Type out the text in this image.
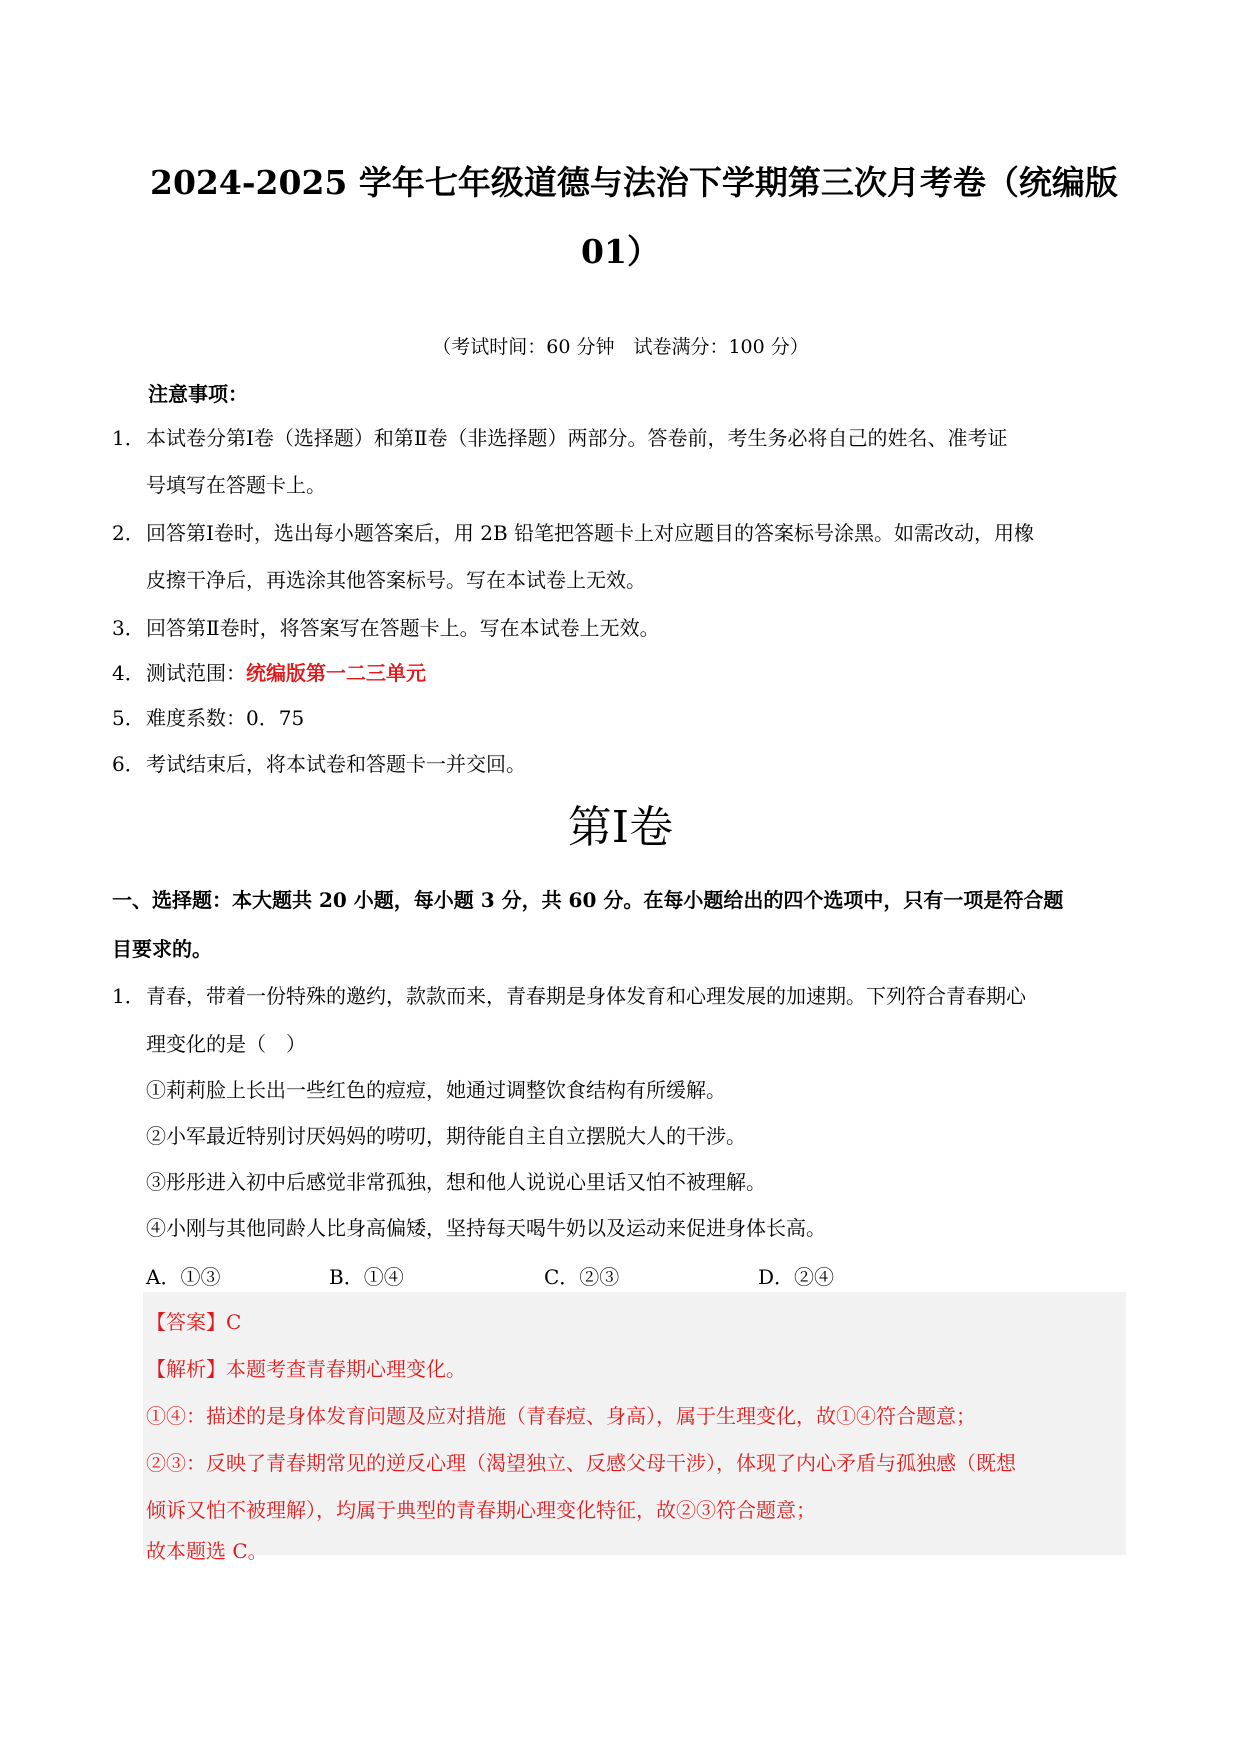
2024-2025 学年七年级道德与法治下学期第三次月考卷（统编版
01）
（考试时间：60 分钟　试卷满分：100 分）
注意事项：
1． 本试卷分第Ⅰ卷（选择题）和第Ⅱ卷（非选择题）两部分。答卷前，考生务必将自己的姓名、准考证
号填写在答题卡上。
2． 回答第Ⅰ卷时，选出每小题答案后，用 2B 铅笔把答题卡上对应题目的答案标号涂黑。如需改动，用橡
皮擦干净后，再选涂其他答案标号。写在本试卷上无效。
3． 回答第Ⅱ卷时，将答案写在答题卡上。写在本试卷上无效。
4． 测试范围：统编版第一二三单元
5． 难度系数：0．75
6． 考试结束后，将本试卷和答题卡一并交回。
第Ⅰ卷
一、选择题：本大题共 20 小题，每小题 3 分，共 60 分。在每小题给出的四个选项中，只有一项是符合题
目要求的。
1． 青春，带着一份特殊的邀约，款款而来，青春期是身体发育和心理发展的加速期。下列符合青春期心
理变化的是（　）
①莉莉脸上长出一些红色的痘痘，她通过调整饮食结构有所缓解。
②小军最近特别讨厌妈妈的唠叨，期待能自主自立摆脱大人的干涉。
③彤彤进入初中后感觉非常孤独，想和他人说说心里话又怕不被理解。
④小刚与其他同龄人比身高偏矮，坚持每天喝牛奶以及运动来促进身体长高。
A．①③	B．①④	C．②③	D．②④
【答案】C
【解析】本题考查青春期心理变化。
①④：描述的是身体发育问题及应对措施（青春痘、身高），属于生理变化，故①④符合题意；
②③：反映了青春期常见的逆反心理（渴望独立、反感父母干涉），体现了内心矛盾与孤独感（既想
倾诉又怕不被理解），均属于典型的青春期心理变化特征，故②③符合题意；
故本题选 C。
